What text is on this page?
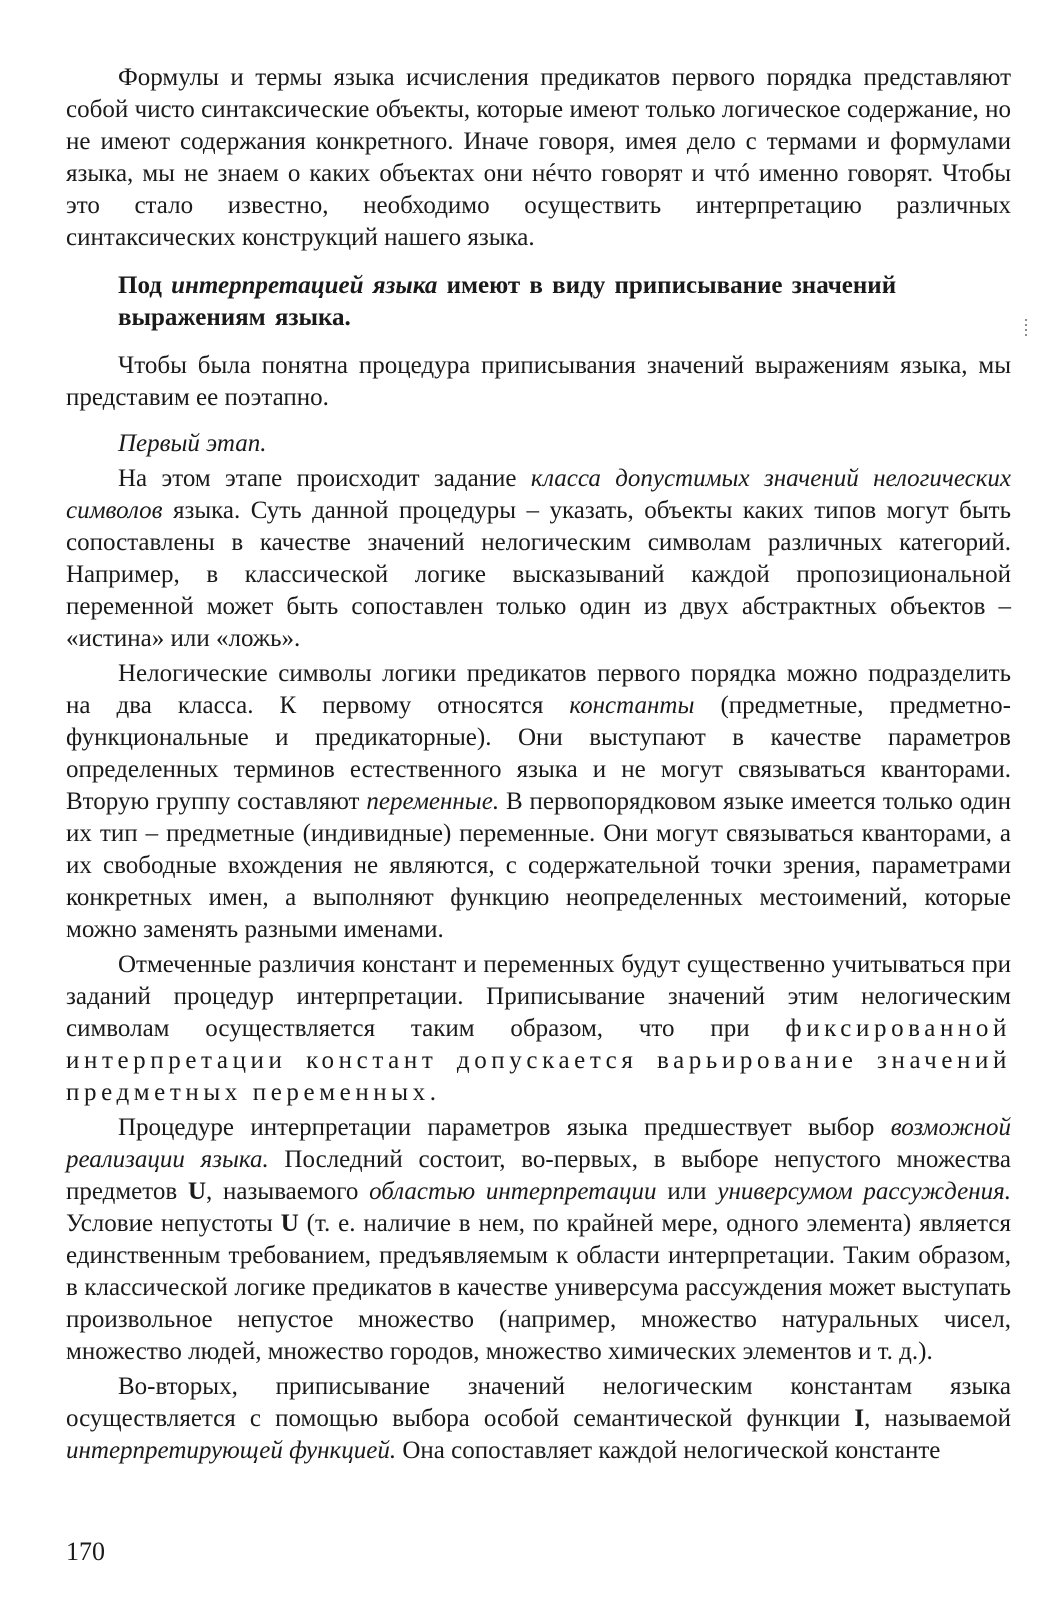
Формулы и термы языка исчисления предикатов первого порядка представляют собой чисто синтаксические объекты, которые имеют только логическое содержание, но не имеют содержания конкретного. Иначе говоря, имея дело с термами и формулами языка, мы не знаем о каких объектах они нéчто говорят и чтó именно говорят. Чтобы это стало известно, необходимо осуществить интерпретацию различных синтаксических конструкций нашего языка.

Под интерпретацией языка имеют в виду приписывание значений выражениям языка.

Чтобы была понятна процедура приписывания значений выражениям языка, мы представим ее поэтапно.

Первый этап.

На этом этапе происходит задание класса допустимых значений нелогических символов языка. Суть данной процедуры – указать, объекты каких типов могут быть сопоставлены в качестве значений нелогическим символам различных категорий. Например, в классической логике высказываний каждой пропозициональной переменной может быть сопоставлен только один из двух абстрактных объектов – «истина» или «ложь».

Нелогические символы логики предикатов первого порядка можно подразделить на два класса. К первому относятся константы (предметные, предметно-функциональные и предикаторные). Они выступают в качестве параметров определенных терминов естественного языка и не могут связываться кванторами. Вторую группу составляют переменные. В первопорядковом языке имеется только один их тип – предметные (индивидные) переменные. Они могут связываться кванторами, а их свободные вхождения не являются, с содержательной точки зрения, параметрами конкретных имен, а выполняют функцию неопределенных местоимений, которые можно заменять разными именами.

Отмеченные различия констант и переменных будут существенно учитываться при заданий процедур интерпретации. Приписывание значений этим нелогическим символам осуществляется таким образом, что при фиксированной интерпретации констант допускается варьирование значений предметных переменных.

Процедуре интерпретации параметров языка предшествует выбор возможной реализации языка. Последний состоит, во-первых, в выборе непустого множества предметов U, называемого областью интерпретации или универсумом рассуждения. Условие непустоты U (т. е. наличие в нем, по крайней мере, одного элемента) является единственным требованием, предъявляемым к области интерпретации. Таким образом, в классической логике предикатов в качестве универсума рассуждения может выступать произвольное непустое множество (например, множество натуральных чисел, множество людей, множество городов, множество химических элементов и т. д.).

Во-вторых, приписывание значений нелогическим константам языка осуществляется с помощью выбора особой семантической функции I, называемой интерпретирующей функцией. Она сопоставляет каждой нелогической константе

170
